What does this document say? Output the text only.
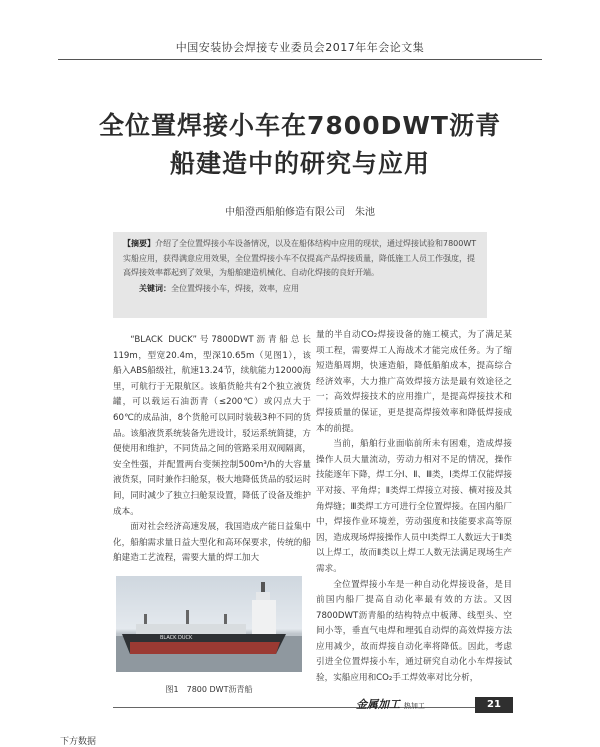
中国安装协会焊接专业委员会2017年年会论文集
全位置焊接小车在7800DWT沥青
船建造中的研究与应用
中船澄西船舶修造有限公司　朱池
【摘要】介绍了全位置焊接小车设备情况，以及在船体结构中应用的现状，通过焊接试验和7800WT实船应用，获得满意应用效果，全位置焊接小车不仅提高产品焊接质量，降低施工人员工作强度，提高焊接效率都起到了效果，为船舶建造机械化、自动化焊接的良好开端。
关键词：全位置焊接小车，焊接，效率，应用

“BLACK DUCK”号7800DWT沥青船总长119m，型宽20.4m，型深10.65m（见图1），该船入ABS船级社，航速13.24节，续航能力12000海里，可航行于无限航区。该船货舱共有2个独立液货罐，可以载运石油沥青（≤200℃）或闪点大于60℃的成品油，8个货舱可以同时装载3种不同的货品。该船液货系统装备先进设计，驳运系统简捷，方便使用和维护，不同货品之间的管路采用双阀隔离，安全性强，并配置两台变频控制500m³/h的大容量液货泵，同时兼作扫舱泵，极大地降低货品的驳运时间，同时减少了独立扫舱泵设置，降低了设备及维护成本。

面对社会经济高速发展，我国造成产能日益集中化，船舶需求量日益大型化和高环保要求，传统的船舶建造工艺流程，需要大量的焊工加大

BLACK DUCK
图1　7800 DWT沥青船

量的半自动CO₂焊接设备的施工模式，为了满足某项工程，需要焊工人海战术才能完成任务。为了缩短造船周期，快速造船，降低船舶成本，提高综合经济效率，大力推广高效焊接方法是最有效途径之一；高效焊接技术的应用推广，是提高焊接技术和焊接质量的保证，更是提高焊接效率和降低焊接成本的前提。

当前，船舶行业面临前所未有困难，造成焊接操作人员大量流动，劳动力相对不足的情况，操作技能逐年下降，焊工分Ⅰ、Ⅱ、Ⅲ类，Ⅰ类焊工仅能焊接平对接、平角焊；Ⅱ类焊工焊接立对接、横对接及其角焊缝；Ⅲ类焊工方可进行全位置焊接。在国内船厂中，焊接作业环境差，劳动强度和技能要求高等原因，造成现场焊接操作人员中Ⅰ类焊工人数远大于Ⅱ类以上焊工，故而Ⅱ类以上焊工人数无法满足现场生产需求。

全位置焊接小车是一种自动化焊接设备，是目前国内船厂提高自动化率最有效的方法。又因7800DWT沥青船的结构特点中板薄、线型头、空间小等，垂直气电焊和埋弧自动焊的高效焊接方法应用减少，故而焊接自动化率将降低。因此，考虑引进全位置焊接小车，通过研究自动化小车焊接试验，实船应用和CO₂手工焊效率对比分析，

金属加工 热加工	21
下方数据
